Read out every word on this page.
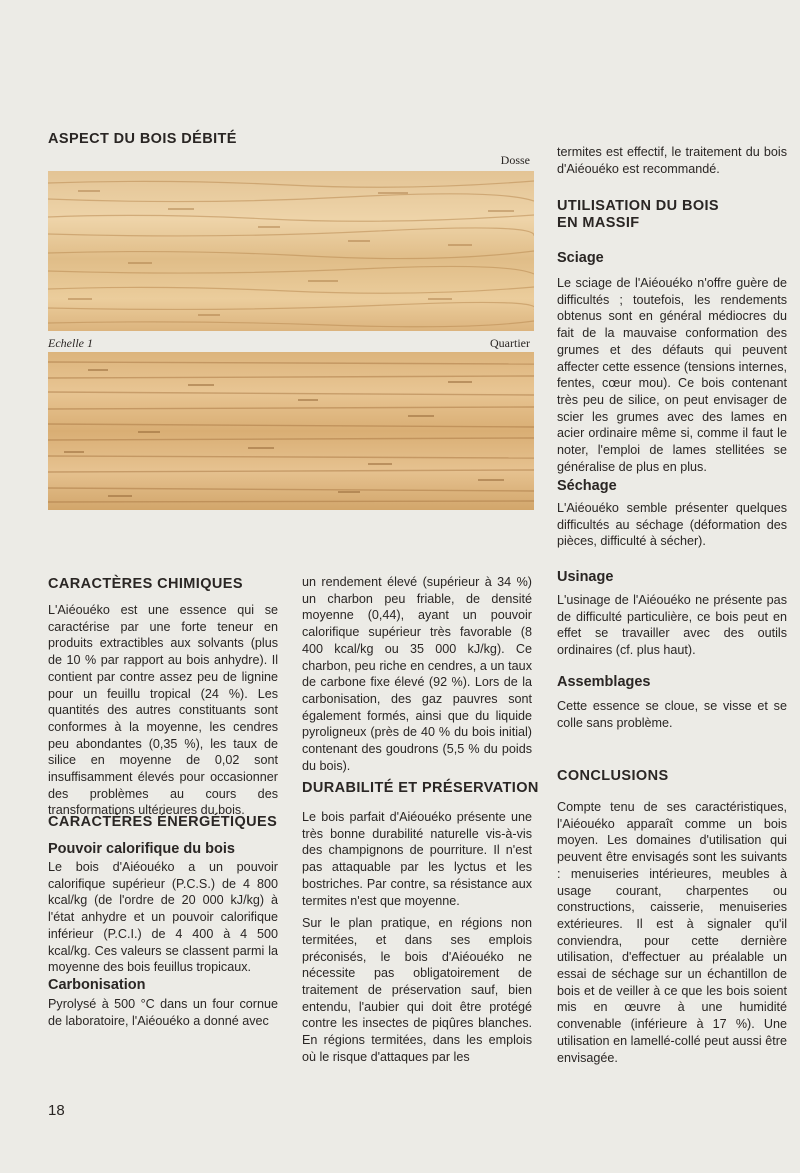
ASPECT DU BOIS DÉBITÉ
Dosse
Echelle 1	Quartier
CARACTÈRES CHIMIQUES

L'Aiéouéko est une essence qui se caractérise par une forte teneur en produits extractibles aux solvants (plus de 10 % par rapport au bois anhydre). Il contient par contre assez peu de lignine pour un feuillu tropical (24 %). Les quantités des autres constituants sont conformes à la moyenne, les cendres peu abondantes (0,35 %), les taux de silice en moyenne de 0,02 sont insuffisamment élevés pour occasionner des problèmes au cours des transformations ultérieures du bois.

CARACTÈRES ÉNERGÉTIQUES
Pouvoir calorifique du bois

Le bois d'Aiéouéko a un pouvoir calorifique supérieur (P.C.S.) de 4 800 kcal/kg (de l'ordre de 20 000 kJ/kg) à l'état anhydre et un pouvoir calorifique inférieur (P.C.I.) de 4 400 à 4 500 kcal/kg. Ces valeurs se classent parmi la moyenne des bois feuillus tropicaux.

Carbonisation

Pyrolysé à 500 °C dans un four cornue de laboratoire, l'Aiéouéko a donné avec

un rendement élevé (supérieur à 34 %) un charbon peu friable, de densité moyenne (0,44), ayant un pouvoir calorifique supérieur très favorable (8 400 kcal/kg ou 35 000 kJ/kg). Ce charbon, peu riche en cendres, a un taux de carbone fixe élevé (92 %). Lors de la carbonisation, des gaz pauvres sont également formés, ainsi que du liquide pyroligneux (près de 40 % du bois initial) contenant des goudrons (5,5 % du poids du bois).

DURABILITÉ ET PRÉSERVATION

Le bois parfait d'Aiéouéko présente une très bonne durabilité naturelle vis-à-vis des champignons de pourriture. Il n'est pas attaquable par les lyctus et les bostriches. Par contre, sa résistance aux termites n'est que moyenne.

Sur le plan pratique, en régions non termitées, et dans ses emplois préconisés, le bois d'Aiéouéko ne nécessite pas obligatoirement de traitement de préservation sauf, bien entendu, l'aubier qui doit être protégé contre les insectes de piqûres blanches. En régions termitées, dans les emplois où le risque d'attaques par les

termites est effectif, le traitement du bois d'Aiéouéko est recommandé.

UTILISATION DU BOIS
EN MASSIF
Sciage

Le sciage de l'Aiéouéko n'offre guère de difficultés ; toutefois, les rendements obtenus sont en général médiocres du fait de la mauvaise conformation des grumes et des défauts qui peuvent affecter cette essence (tensions internes, fentes, cœur mou). Ce bois contenant très peu de silice, on peut envisager de scier les grumes avec des lames en acier ordinaire même si, comme il faut le noter, l'emploi de lames stellitées se généralise de plus en plus.

Séchage

L'Aiéouéko semble présenter quelques difficultés au séchage (déformation des pièces, difficulté à sécher).

Usinage

L'usinage de l'Aiéouéko ne présente pas de difficulté particulière, ce bois peut en effet se travailler avec des outils ordinaires (cf. plus haut).

Assemblages

Cette essence se cloue, se visse et se colle sans problème.

CONCLUSIONS

Compte tenu de ses caractéristiques, l'Aiéouéko apparaît comme un bois moyen. Les domaines d'utilisation qui peuvent être envisagés sont les suivants : menuiseries intérieures, meubles à usage courant, charpentes ou constructions, caisserie, menuiseries extérieures. Il est à signaler qu'il conviendra, pour cette dernière utilisation, d'effectuer au préalable un essai de séchage sur un échantillon de bois et de veiller à ce que les bois soient mis en œuvre à une humidité convenable (inférieure à 17 %). Une utilisation en lamellé-collé peut aussi être envisagée.

18
